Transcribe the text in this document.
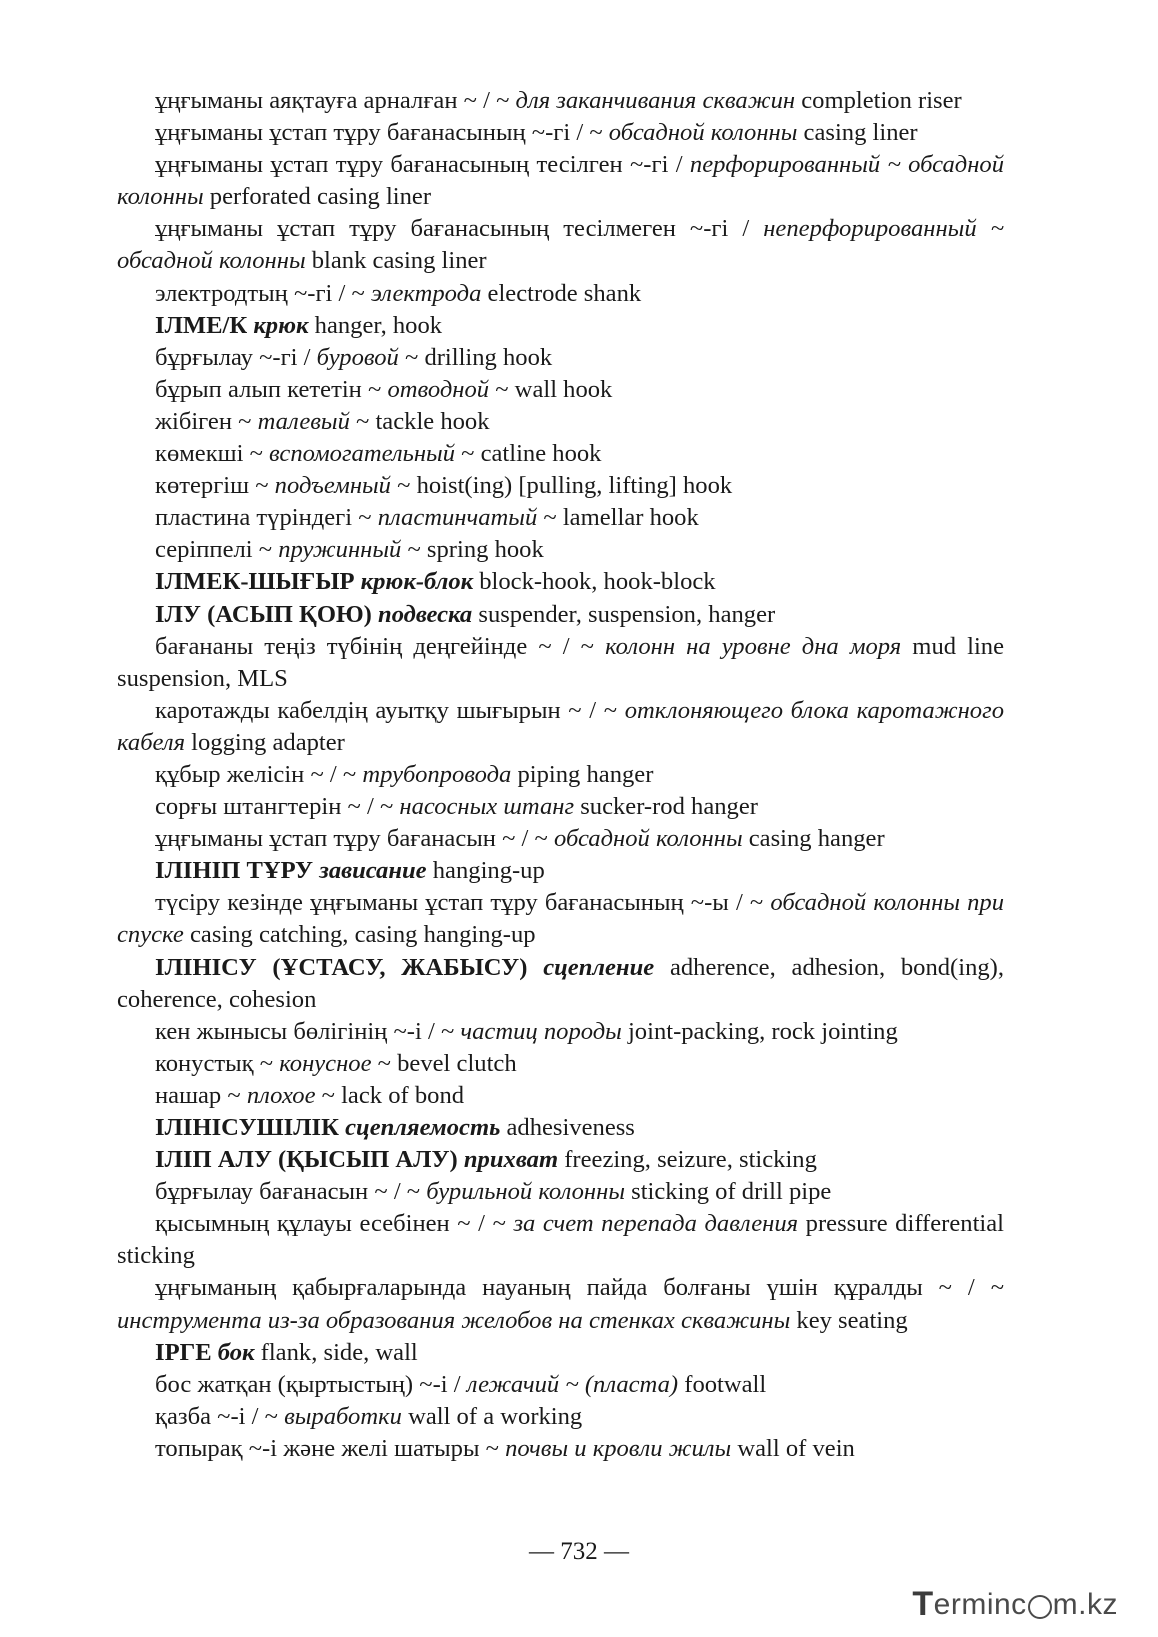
ұңғыманы аяқтауға арналған ~ / ~ для заканчивания скважин completion riser

ұңғыманы ұстап тұру бағанасының ~-гі / ~ обсадной колонны casing liner

ұңғыманы ұстап тұру бағанасының тесілген ~-гі / перфорированный ~ обсадной колонны perforated casing liner

ұңғыманы ұстап тұру бағанасының тесілмеген ~-гі / неперфорированный ~ обсадной колонны blank casing liner

электродтың ~-гі / ~ электрода electrode shank

ІЛМЕ/К крюк hanger, hook

бұрғылау ~-гі / буровой ~ drilling hook

бұрып алып кететін ~ отводной ~ wall hook

жібіген ~ талевый ~ tackle hook

көмекші ~ вспомогательный ~ catline hook

көтергіш ~ подъемный ~ hoist(ing) [pulling, lifting] hook

пластина түріндегі ~ пластинчатый ~ lamellar hook

серіппелі ~ пружинный ~ spring hook

ІЛМЕК-ШЫҒЫР крюк-блок block-hook, hook-block

ІЛУ (АСЫП ҚОЮ) подвеска suspender, suspension, hanger

бағананы теңіз түбінің деңгейінде ~ / ~ колонн на уровне дна моря mud line suspension, MLS

каротажды кабелдің ауытқу шығырын ~ / ~ отклоняющего блока каротажного кабеля logging adapter

құбыр желісін ~ / ~ трубопровода piping hanger

сорғы штангтерін ~ / ~ насосных штанг sucker-rod hanger

ұңғыманы ұстап тұру бағанасын ~ / ~ обсадной колонны casing hanger

ІЛІНІП ТҰРУ зависание hanging-up

түсіру кезінде ұңғыманы ұстап тұру бағанасының ~-ы / ~ обсадной колонны при спуске casing catching, casing hanging-up

ІЛІНІСУ (ҰСТАСУ, ЖАБЫСУ) сцепление adherence, adhesion, bond(ing), coherence, cohesion

кен жынысы бөлігінің ~-і / ~ частиц породы joint-packing, rock jointing

конустық ~ конусное ~ bevel clutch

нашар ~ плохое ~ lack of bond

ІЛІНІСУШІЛІК сцепляемость adhesiveness

ІЛІП АЛУ (ҚЫСЫП АЛУ) прихват freezing, seizure, sticking

бұрғылау бағанасын ~ / ~ бурильной колонны sticking of drill pipe

қысымның құлауы есебінен ~ / ~ за счет перепада давления pressure differential sticking

ұңғыманың қабырғаларында науаның пайда болғаны үшін құралды ~ / ~ инструмента из-за образования желобов на стенках скважины key seating

ІРГЕ бок flank, side, wall

бос жатқан (қыртыстың) ~-і / лежачий ~ (пласта) footwall

қазба ~-і / ~ выработки wall of a working

топырақ ~-і және желі шатыры ~ почвы и кровли жилы wall of vein

— 732 —
T erminc m.kz
